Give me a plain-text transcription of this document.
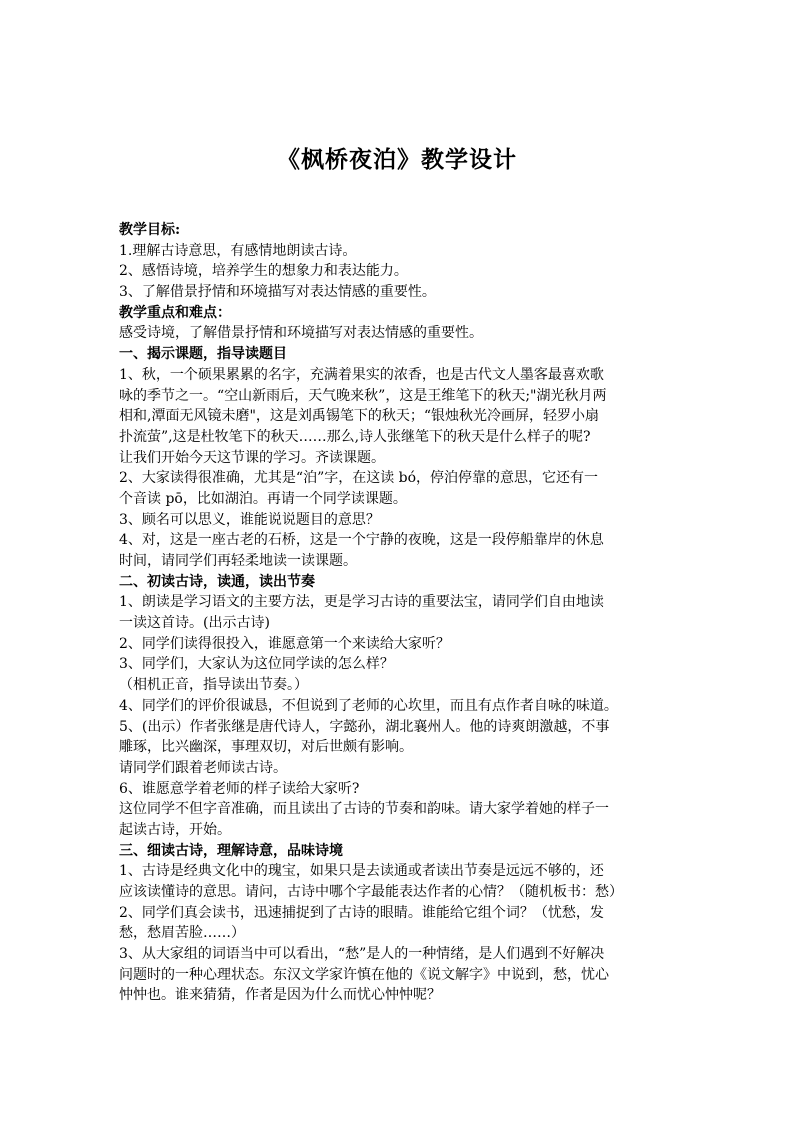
《枫桥夜泊》教学设计
教学目标:
1.理解古诗意思，有感情地朗读古诗。
2、感悟诗境，培养学生的想象力和表达能力。
3、了解借景抒情和环境描写对表达情感的重要性。
教学重点和难点：
感受诗境，了解借景抒情和环境描写对表达情感的重要性。
一、揭示课题，指导读题目
1、秋，一个硕果累累的名字，充满着果实的浓香，也是古代文人墨客最喜欢歌
咏的季节之一。“空山新雨后，天气晚来秋”，这是王维笔下的秋天;"湖光秋月两
相和,潭面无风镜未磨"，这是刘禹锡笔下的秋天；“银烛秋光冷画屏，轻罗小扇
扑流萤”,这是杜牧笔下的秋天……那么,诗人张继笔下的秋天是什么样子的呢?
让我们开始今天这节课的学习。齐读课题。
2、大家读得很准确，尤其是“泊”字，在这读 bó，停泊停靠的意思，它还有一
个音读 pō，比如湖泊。再请一个同学读课题。
3、顾名可以思义，谁能说说题目的意思？
4、对，这是一座古老的石桥，这是一个宁静的夜晚，这是一段停船靠岸的休息
时间，请同学们再轻柔地读一读课题。
二、初读古诗，读通，读出节奏
1、朗读是学习语文的主要方法，更是学习古诗的重要法宝，请同学们自由地读
一读这首诗。(出示古诗)
2、同学们读得很投入，谁愿意第一个来读给大家听？
3、同学们，大家认为这位同学读的怎么样？
（相机正音，指导读出节奏。）
4、同学们的评价很诚恳，不但说到了老师的心坎里，而且有点作者自咏的味道。
5、(出示）作者张继是唐代诗人，字懿孙，湖北襄州人。他的诗爽朗激越，不事
雕琢，比兴幽深，事理双切，对后世颇有影响。
请同学们跟着老师读古诗。
6、谁愿意学着老师的样子读给大家听?
这位同学不但字音准确，而且读出了古诗的节奏和韵味。请大家学着她的样子一
起读古诗，开始。
三、细读古诗，理解诗意，品味诗境
1、古诗是经典文化中的瑰宝，如果只是去读通或者读出节奏是远远不够的，还
应该读懂诗的意思。请问，古诗中哪个字最能表达作者的心情？（随机板书：愁）
2、同学们真会读书，迅速捕捉到了古诗的眼睛。谁能给它组个词？（忧愁，发
愁，愁眉苦脸……）
3、从大家组的词语当中可以看出，“愁”是人的一种情绪，是人们遇到不好解决
问题时的一种心理状态。东汉文学家许慎在他的《说文解字》中说到，愁，忧心
忡忡也。谁来猜猜，作者是因为什么而忧心忡忡呢？
